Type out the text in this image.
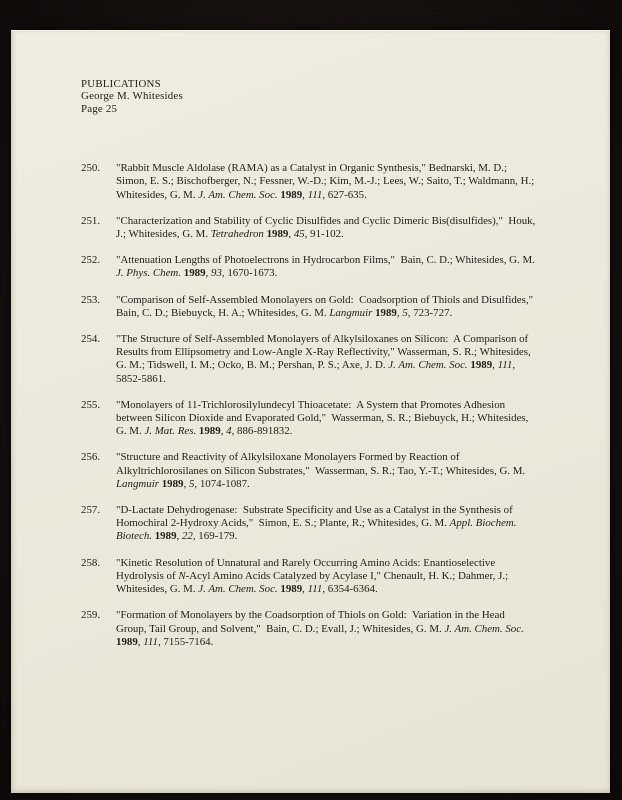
PUBLICATIONS
George M. Whitesides
Page 25
250.	"Rabbit Muscle Aldolase (RAMA) as a Catalyst in Organic Synthesis," Bednarski, M. D.; Simon, E. S.; Bischofberger, N.; Fessner, W.-D.; Kim, M.-J.; Lees, W.; Saito, T.; Waldmann, H.; Whitesides, G. M. J. Am. Chem. Soc. 1989, 111, 627-635.
251.	"Characterization and Stability of Cyclic Disulfides and Cyclic Dimeric Bis(disulfides),"  Houk, J.; Whitesides, G. M. Tetrahedron 1989, 45, 91-102.
252.	"Attenuation Lengths of Photoelectrons in Hydrocarbon Films,"  Bain, C. D.; Whitesides, G. M. J. Phys. Chem. 1989, 93, 1670-1673.
253.	"Comparison of Self-Assembled Monolayers on Gold:  Coadsorption of Thiols and Disulfides,"  Bain, C. D.; Biebuyck, H. A.; Whitesides, G. M. Langmuir 1989, 5, 723-727.
254.	"The Structure of Self-Assembled Monolayers of Alkylsiloxanes on Silicon:  A Comparison of Results from Ellipsometry and Low-Angle X-Ray Reflectivity," Wasserman, S. R.; Whitesides, G. M.; Tidswell, I. M.; Ocko, B. M.; Pershan, P. S.; Axe, J. D. J. Am. Chem. Soc. 1989, 111, 5852-5861.
255.	"Monolayers of 11-Trichlorosilylundecyl Thioacetate:  A System that Promotes Adhesion between Silicon Dioxide and Evaporated Gold,"  Wasserman, S. R.; Biebuyck, H.; Whitesides, G. M. J. Mat. Res. 1989, 4, 886-891832.
256.	"Structure and Reactivity of Alkylsiloxane Monolayers Formed by Reaction of Alkyltrichlorosilanes on Silicon Substrates,"  Wasserman, S. R.; Tao, Y.-T.; Whitesides, G. M. Langmuir 1989, 5, 1074-1087.
257.	"D-Lactate Dehydrogenase:  Substrate Specificity and Use as a Catalyst in the Synthesis of Homochiral 2-Hydroxy Acids,"  Simon, E. S.; Plante, R.; Whitesides, G. M. Appl. Biochem. Biotech. 1989, 22, 169-179.
258.	"Kinetic Resolution of Unnatural and Rarely Occurring Amino Acids: Enantioselective Hydrolysis of N-Acyl Amino Acids Catalyzed by Acylase I," Chenault, H. K.; Dahmer, J.; Whitesides, G. M. J. Am. Chem. Soc. 1989, 111, 6354-6364.
259.	"Formation of Monolayers by the Coadsorption of Thiols on Gold:  Variation in the Head Group, Tail Group, and Solvent,"  Bain, C. D.; Evall, J.; Whitesides, G. M. J. Am. Chem. Soc. 1989, 111, 7155-7164.
